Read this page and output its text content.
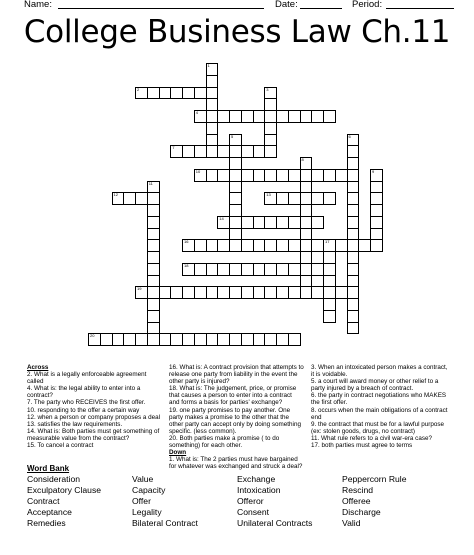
Name:	Date:	Period:
College Business Law Ch.11
1
2	3
4
5	6
7
8
9
10
11
12	13
14
19
16	17
18
20
Across
2. What is a legally enforceable agreement called
4. What is: the legal ability to enter into a contract?
7. The party who RECEIVES the first offer.
10. responding to the offer a certain way
12. when a person or company proposes a deal
13. satisfies the law requirements.
14. What is: Both parties must get something of measurable value from the contract?
15. To cancel a contract
16. What is: A contract provision that attempts to release one party from liability in the event the other party is injured?
18. What is: The judgement, price, or promise that causes a person to enter into a contract and forms a basis for parties' exchange?
19. one party promises to pay another. One party makes a promise to the other that the other party can accept only by doing something specific. (less common).
20. Both parties make a promise ( to do something) for each other.
Down
1. What is: The 2 parties must have bargained for whatever was exchanged and struck a deal?
3. When an intoxicated person makes a contract, it is voidable.
5. a court will award money or other relief to a party injured by a breach of contract.
6. the party in contract negotiations who MAKES the first offer.
8. occurs when the main obligations of a contract end
9. the contract that must be for a lawful purpose (ex: stolen goods, drugs, no contract)
11. What rule refers to a civil war-era case?
17. both parties must agree to terms
Word Bank
Consideration	Value	Exchange	Peppercorn Rule
Exculpatory Clause	Capacity	Intoxication	Rescind
Contract	Offer	Offeror	Offeree
Acceptance	Legality	Consent	Discharge
Remedies	Bilateral Contract	Unilateral Contracts	Valid
